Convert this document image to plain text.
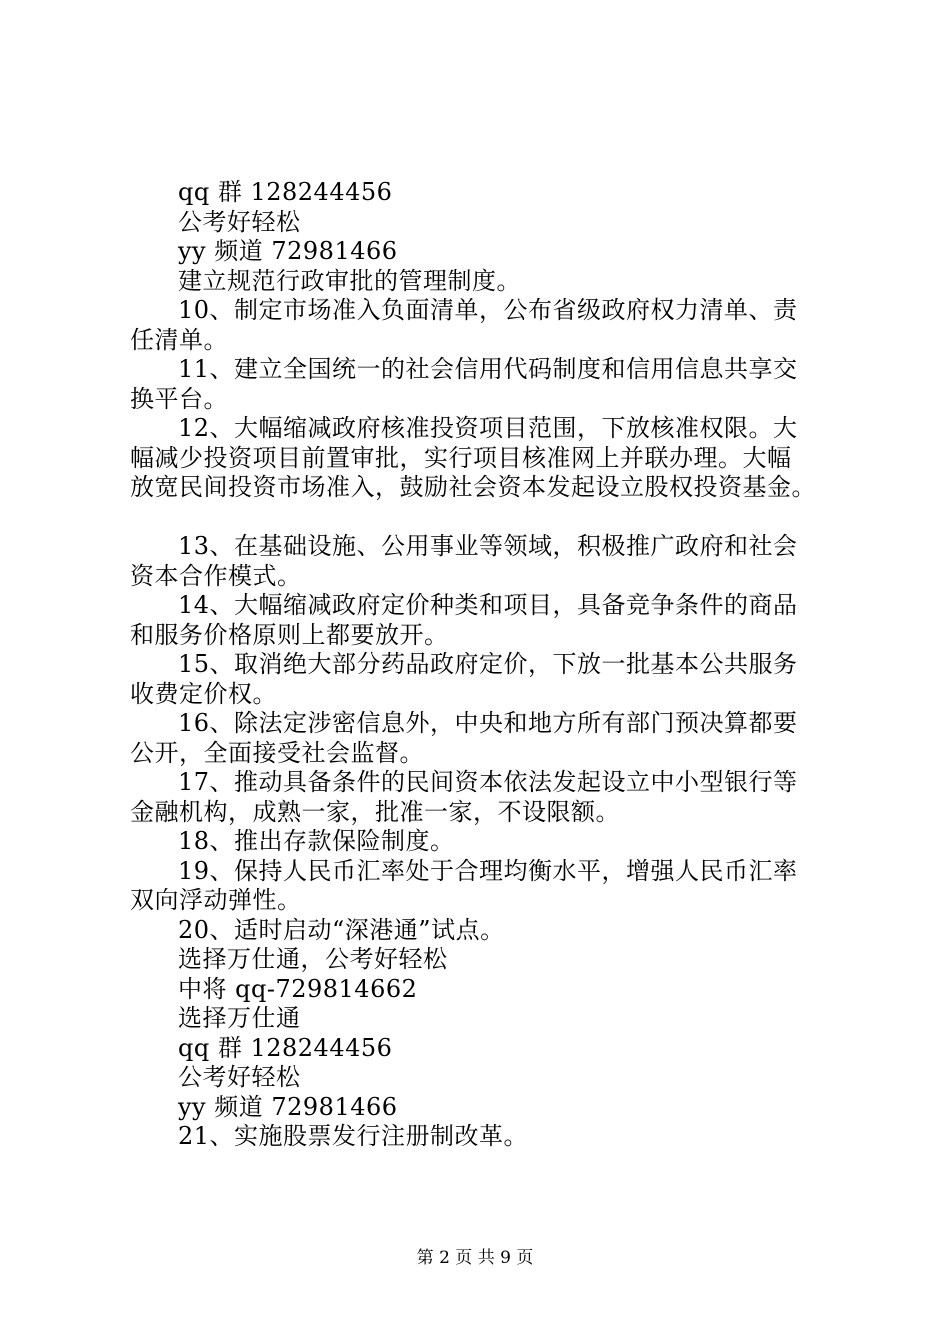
qq 群 128244456
公考好轻松
yy 频道 72981466
建立规范行政审批的管理制度。
10、制定市场准入负面清单，公布省级政府权力清单、责
任清单。
11、建立全国统一的社会信用代码制度和信用信息共享交
换平台。
12、大幅缩减政府核准投资项目范围，下放核准权限。大
幅减少投资项目前置审批，实行项目核准网上并联办理。大幅
放宽民间投资市场准入，鼓励社会资本发起设立股权投资基金。
13、在基础设施、公用事业等领域，积极推广政府和社会
资本合作模式。
14、大幅缩减政府定价种类和项目，具备竞争条件的商品
和服务价格原则上都要放开。
15、取消绝大部分药品政府定价，下放一批基本公共服务
收费定价权。
16、除法定涉密信息外，中央和地方所有部门预决算都要
公开，全面接受社会监督。
17、推动具备条件的民间资本依法发起设立中小型银行等
金融机构，成熟一家，批准一家，不设限额。
18、推出存款保险制度。
19、保持人民币汇率处于合理均衡水平，增强人民币汇率
双向浮动弹性。
20、适时启动“深港通”试点。
选择万仕通，公考好轻松
中将 qq-729814662
选择万仕通
qq 群 128244456
公考好轻松
yy 频道 72981466
21、实施股票发行注册制改革。
第 2 页 共 9 页
